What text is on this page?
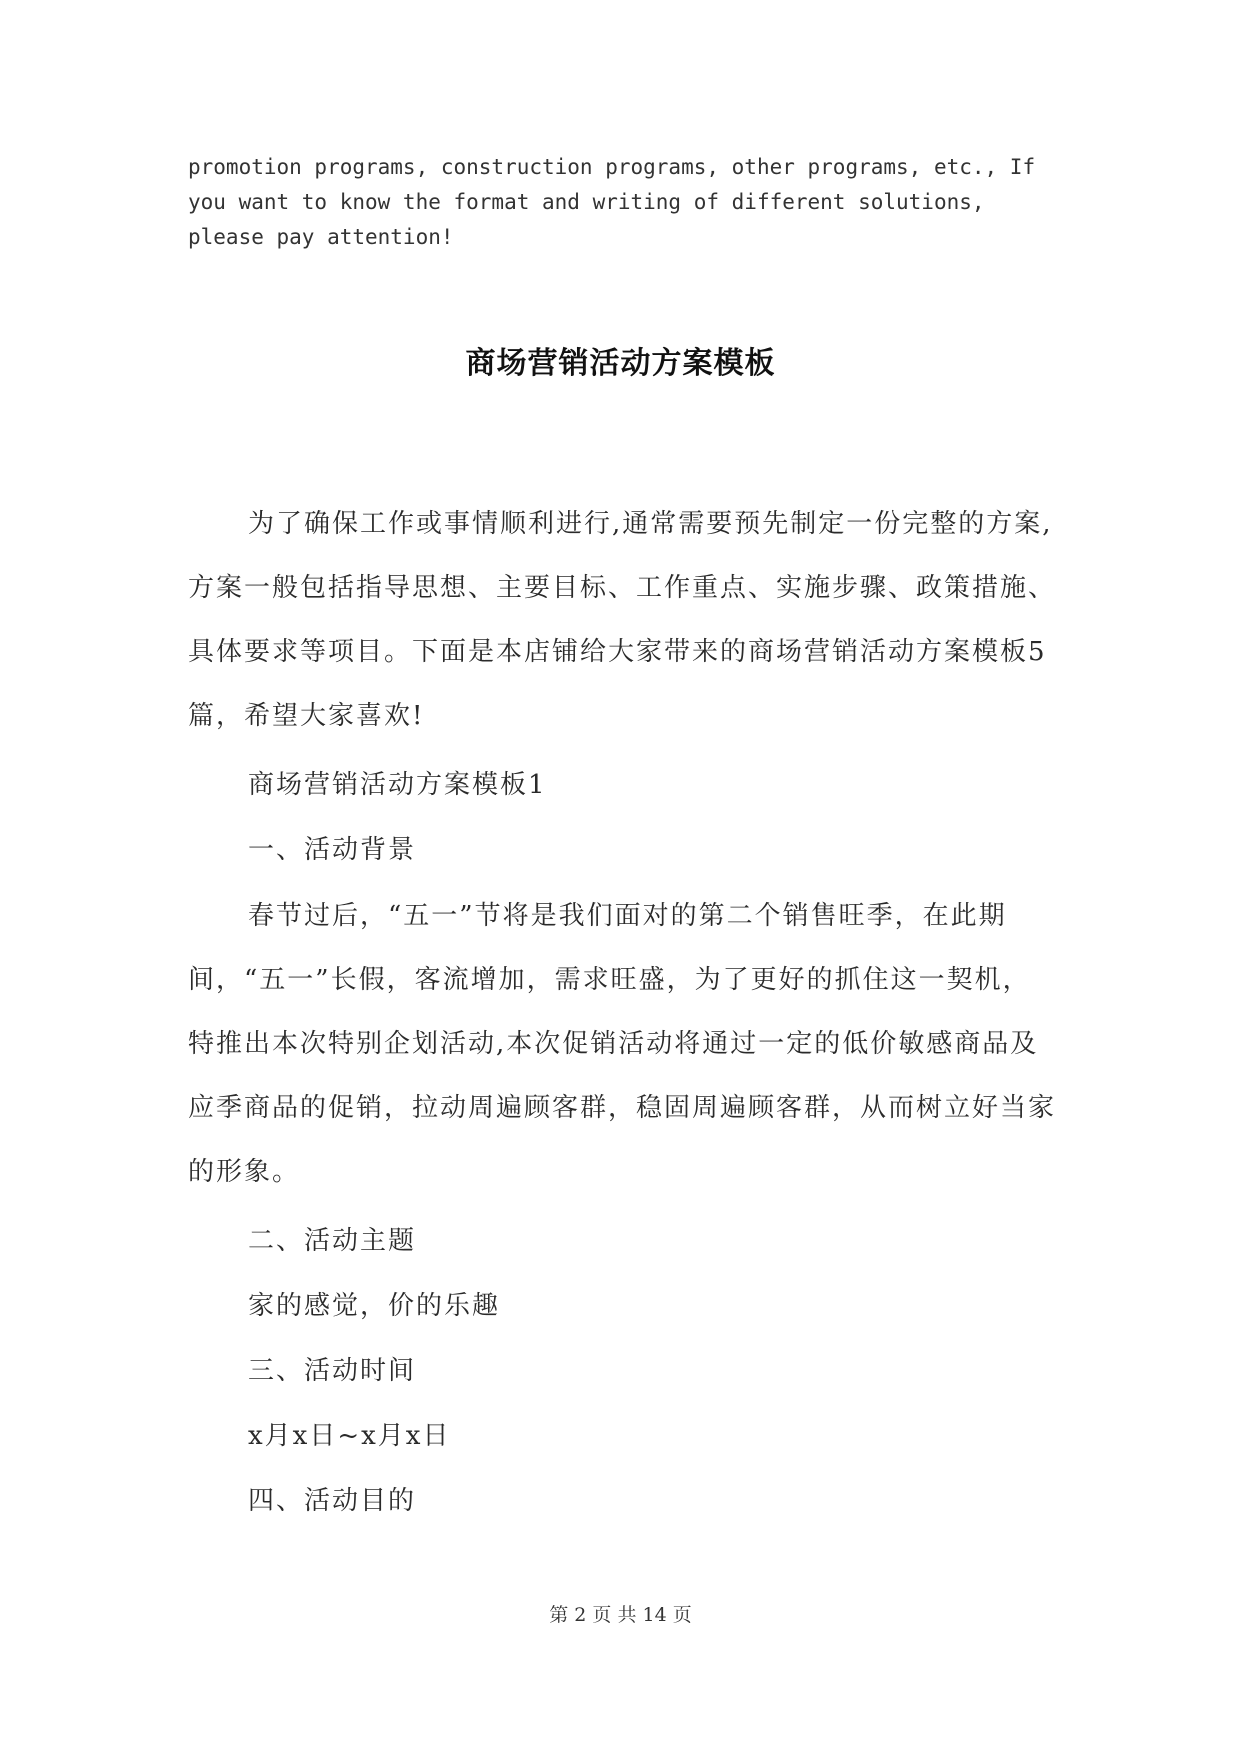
promotion programs, construction programs, other programs, etc., If
you want to know the format and writing of different solutions,
please pay attention!
商场营销活动方案模板
为了确保工作或事情顺利进行,通常需要预先制定一份完整的方案,方案一般包括指导思想、主要目标、工作重点、实施步骤、政策措施、具体要求等项目。下面是本店铺给大家带来的商场营销活动方案模板5篇，希望大家喜欢!
商场营销活动方案模板1
一、活动背景
春节过后，“五一”节将是我们面对的第二个销售旺季，在此期间，“五一”长假，客流增加，需求旺盛，为了更好的抓住这一契机，特推出本次特别企划活动,本次促销活动将通过一定的低价敏感商品及应季商品的促销，拉动周遍顾客群，稳固周遍顾客群，从而树立好当家的形象。
二、活动主题
家的感觉，价的乐趣
三、活动时间
x月x日~x月x日
四、活动目的
第 2 页 共 14 页
